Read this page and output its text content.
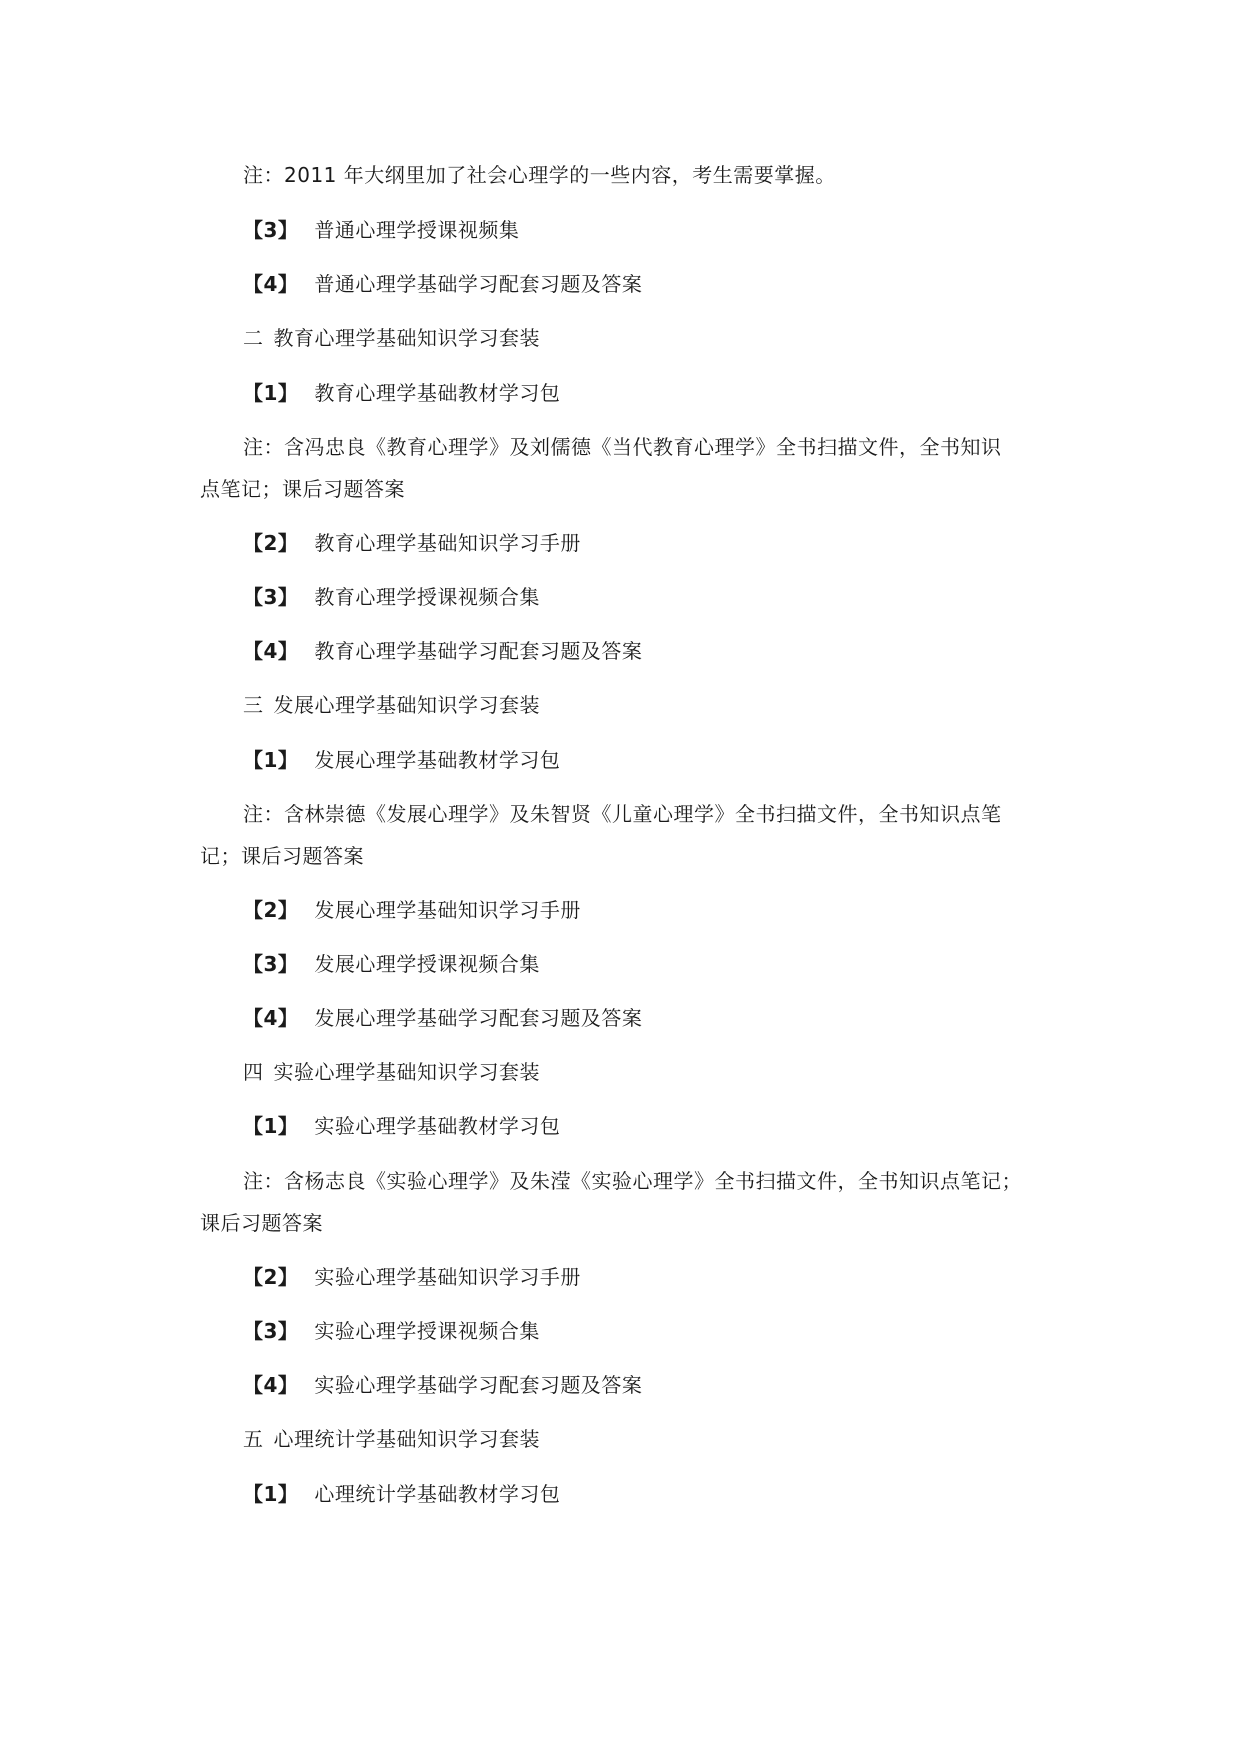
注：2011 年大纲里加了社会心理学的一些内容，考生需要掌握。
【3】 普通心理学授课视频集
【4】 普通心理学基础学习配套习题及答案
二 教育心理学基础知识学习套装
【1】 教育心理学基础教材学习包
注：含冯忠良《教育心理学》及刘儒德《当代教育心理学》全书扫描文件，全书知识
点笔记；课后习题答案
【2】 教育心理学基础知识学习手册
【3】 教育心理学授课视频合集
【4】 教育心理学基础学习配套习题及答案
三 发展心理学基础知识学习套装
【1】 发展心理学基础教材学习包
注：含林崇德《发展心理学》及朱智贤《儿童心理学》全书扫描文件，全书知识点笔
记；课后习题答案
【2】 发展心理学基础知识学习手册
【3】 发展心理学授课视频合集
【4】 发展心理学基础学习配套习题及答案
四 实验心理学基础知识学习套装
【1】 实验心理学基础教材学习包
注：含杨志良《实验心理学》及朱滢《实验心理学》全书扫描文件，全书知识点笔记；
课后习题答案
【2】 实验心理学基础知识学习手册
【3】 实验心理学授课视频合集
【4】 实验心理学基础学习配套习题及答案
五 心理统计学基础知识学习套装
【1】 心理统计学基础教材学习包
